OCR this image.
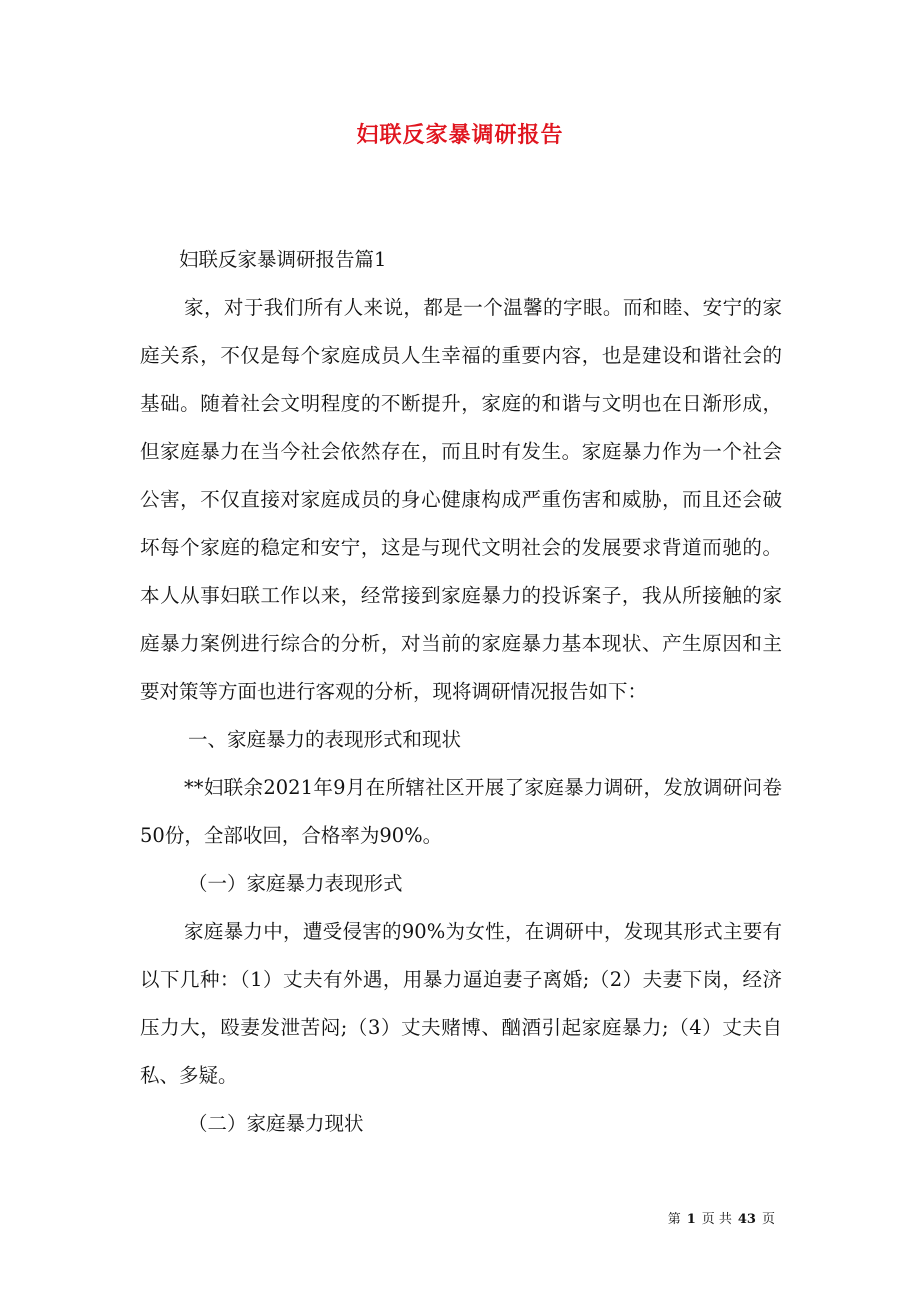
妇联反家暴调研报告

妇联反家暴调研报告篇1

家，对于我们所有人来说，都是一个温馨的字眼。而和睦、安宁的家庭关系，不仅是每个家庭成员人生幸福的重要内容，也是建设和谐社会的基础。随着社会文明程度的不断提升，家庭的和谐与文明也在日渐形成，但家庭暴力在当今社会依然存在，而且时有发生。家庭暴力作为一个社会公害，不仅直接对家庭成员的身心健康构成严重伤害和威胁，而且还会破坏每个家庭的稳定和安宁，这是与现代文明社会的发展要求背道而驰的。本人从事妇联工作以来，经常接到家庭暴力的投诉案子，我从所接触的家庭暴力案例进行综合的分析，对当前的家庭暴力基本现状、产生原因和主要对策等方面也进行客观的分析，现将调研情况报告如下：

一、家庭暴力的表现形式和现状

**妇联余2021年9月在所辖社区开展了家庭暴力调研，发放调研问卷50份，全部收回，合格率为90%。

（一）家庭暴力表现形式

家庭暴力中，遭受侵害的90%为女性，在调研中，发现其形式主要有以下几种：（1）丈夫有外遇，用暴力逼迫妻子离婚;（2）夫妻下岗，经济压力大，殴妻发泄苦闷;（3）丈夫赌博、酗酒引起家庭暴力;（4）丈夫自私、多疑。

（二）家庭暴力现状

第 1 页 共 43 页
